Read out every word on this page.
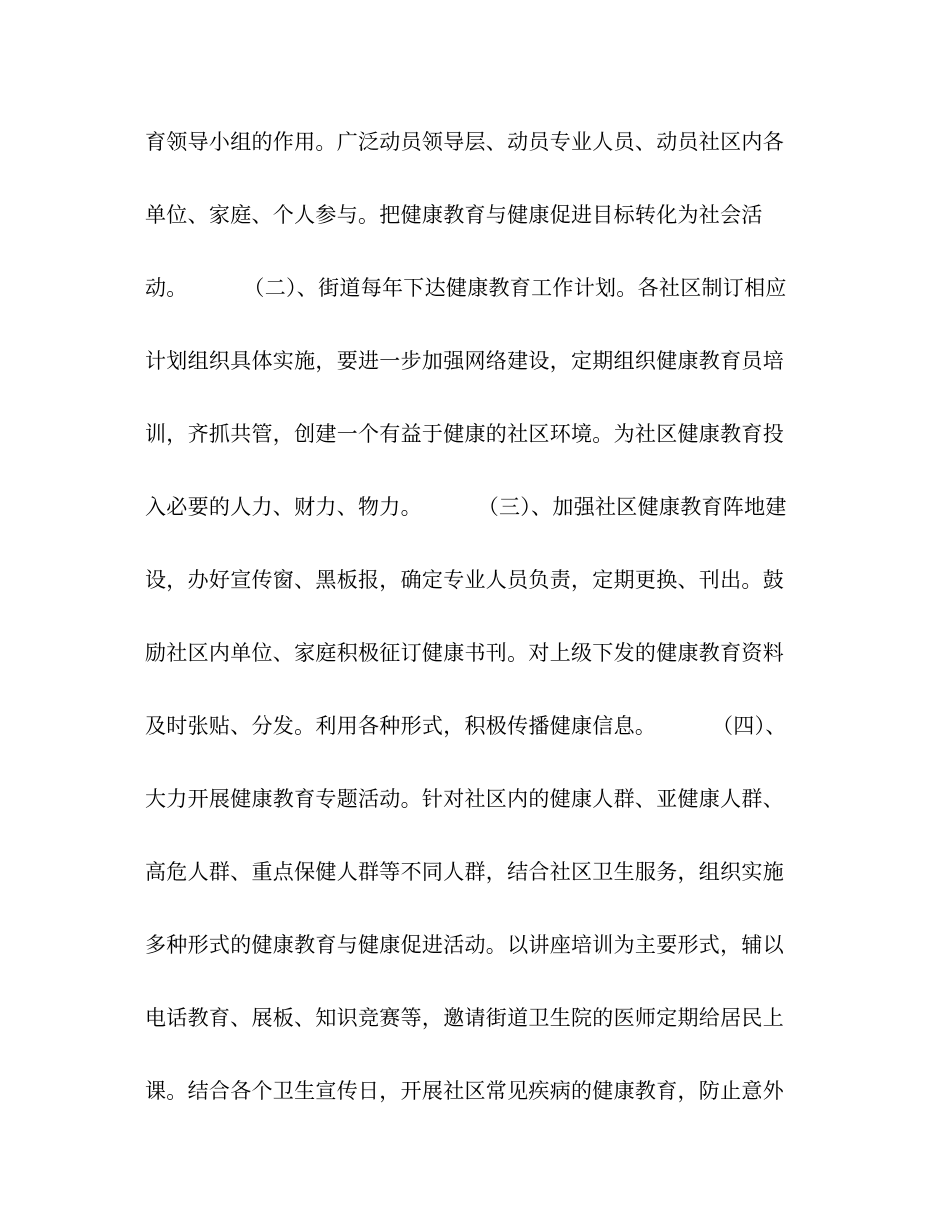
育领导小组的作用。广泛动员领导层、动员专业人员、动员社区内各
单位、家庭、个人参与。把健康教育与健康促进目标转化为社会活
动。        （二）、街道每年下达健康教育工作计划。各社区制订相应
计划组织具体实施，要进一步加强网络建设，定期组织健康教育员培
训，齐抓共管，创建一个有益于健康的社区环境。为社区健康教育投
入必要的人力、财力、物力。        （三）、加强社区健康教育阵地建
设，办好宣传窗、黑板报，确定专业人员负责，定期更换、刊出。鼓
励社区内单位、家庭积极征订健康书刊。对上级下发的健康教育资料
及时张贴、分发。利用各种形式，积极传播健康信息。        （四）、
大力开展健康教育专题活动。针对社区内的健康人群、亚健康人群、
高危人群、重点保健人群等不同人群，结合社区卫生服务，组织实施
多种形式的健康教育与健康促进活动。以讲座培训为主要形式，辅以
电话教育、展板、知识竞赛等，邀请街道卫生院的医师定期给居民上
课。结合各个卫生宣传日，开展社区常见疾病的健康教育，防止意外
